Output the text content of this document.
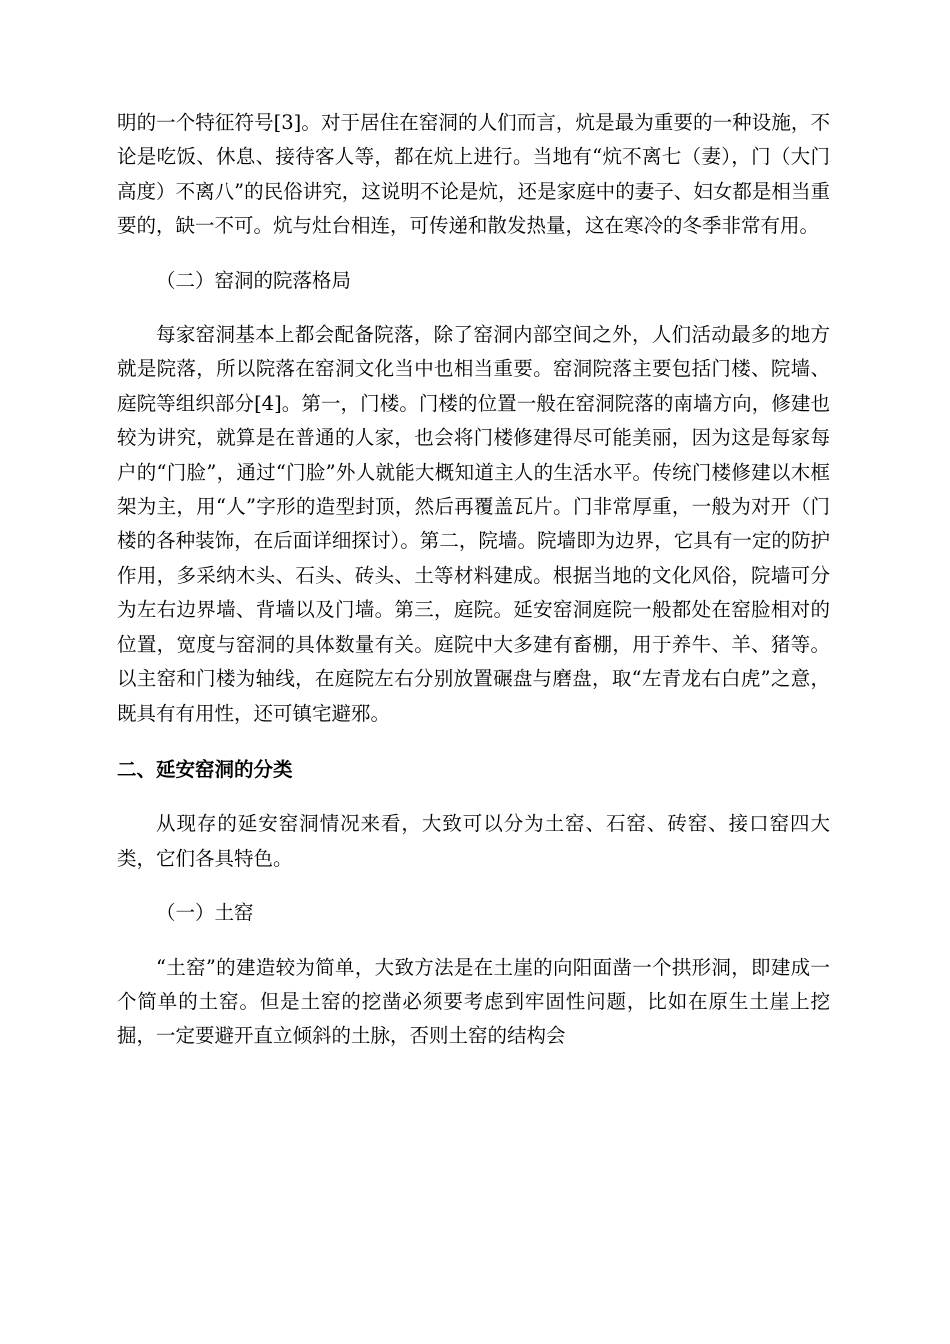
明的一个特征符号[3]。对于居住在窑洞的人们而言，炕是最为重要的一种设施，不论是吃饭、休息、接待客人等，都在炕上进行。当地有“炕不离七（妻），门（大门高度）不离八”的民俗讲究，这说明不论是炕，还是家庭中的妻子、妇女都是相当重要的，缺一不可。炕与灶台相连，可传递和散发热量，这在寒冷的冬季非常有用。

（二）窑洞的院落格局

每家窑洞基本上都会配备院落，除了窑洞内部空间之外，人们活动最多的地方就是院落，所以院落在窑洞文化当中也相当重要。窑洞院落主要包括门楼、院墙、庭院等组织部分[4]。第一，门楼。门楼的位置一般在窑洞院落的南墙方向，修建也较为讲究，就算是在普通的人家，也会将门楼修建得尽可能美丽，因为这是每家每户的“门脸”，通过“门脸”外人就能大概知道主人的生活水平。传统门楼修建以木框架为主，用“人”字形的造型封顶，然后再覆盖瓦片。门非常厚重，一般为对开（门楼的各种装饰，在后面详细探讨）。第二，院墙。院墙即为边界，它具有一定的防护作用，多采纳木头、石头、砖头、土等材料建成。根据当地的文化风俗，院墙可分为左右边界墙、背墙以及门墙。第三，庭院。延安窑洞庭院一般都处在窑脸相对的位置，宽度与窑洞的具体数量有关。庭院中大多建有畜棚，用于养牛、羊、猪等。以主窑和门楼为轴线，在庭院左右分别放置碾盘与磨盘，取“左青龙右白虎”之意，既具有有用性，还可镇宅避邪。

二、延安窑洞的分类

从现存的延安窑洞情况来看，大致可以分为土窑、石窑、砖窑、接口窑四大类，它们各具特色。

（一）土窑

“土窑”的建造较为简单，大致方法是在土崖的向阳面凿一个拱形洞，即建成一个简单的土窑。但是土窑的挖凿必须要考虑到牢固性问题，比如在原生土崖上挖掘，一定要避开直立倾斜的土脉，否则土窑的结构会
